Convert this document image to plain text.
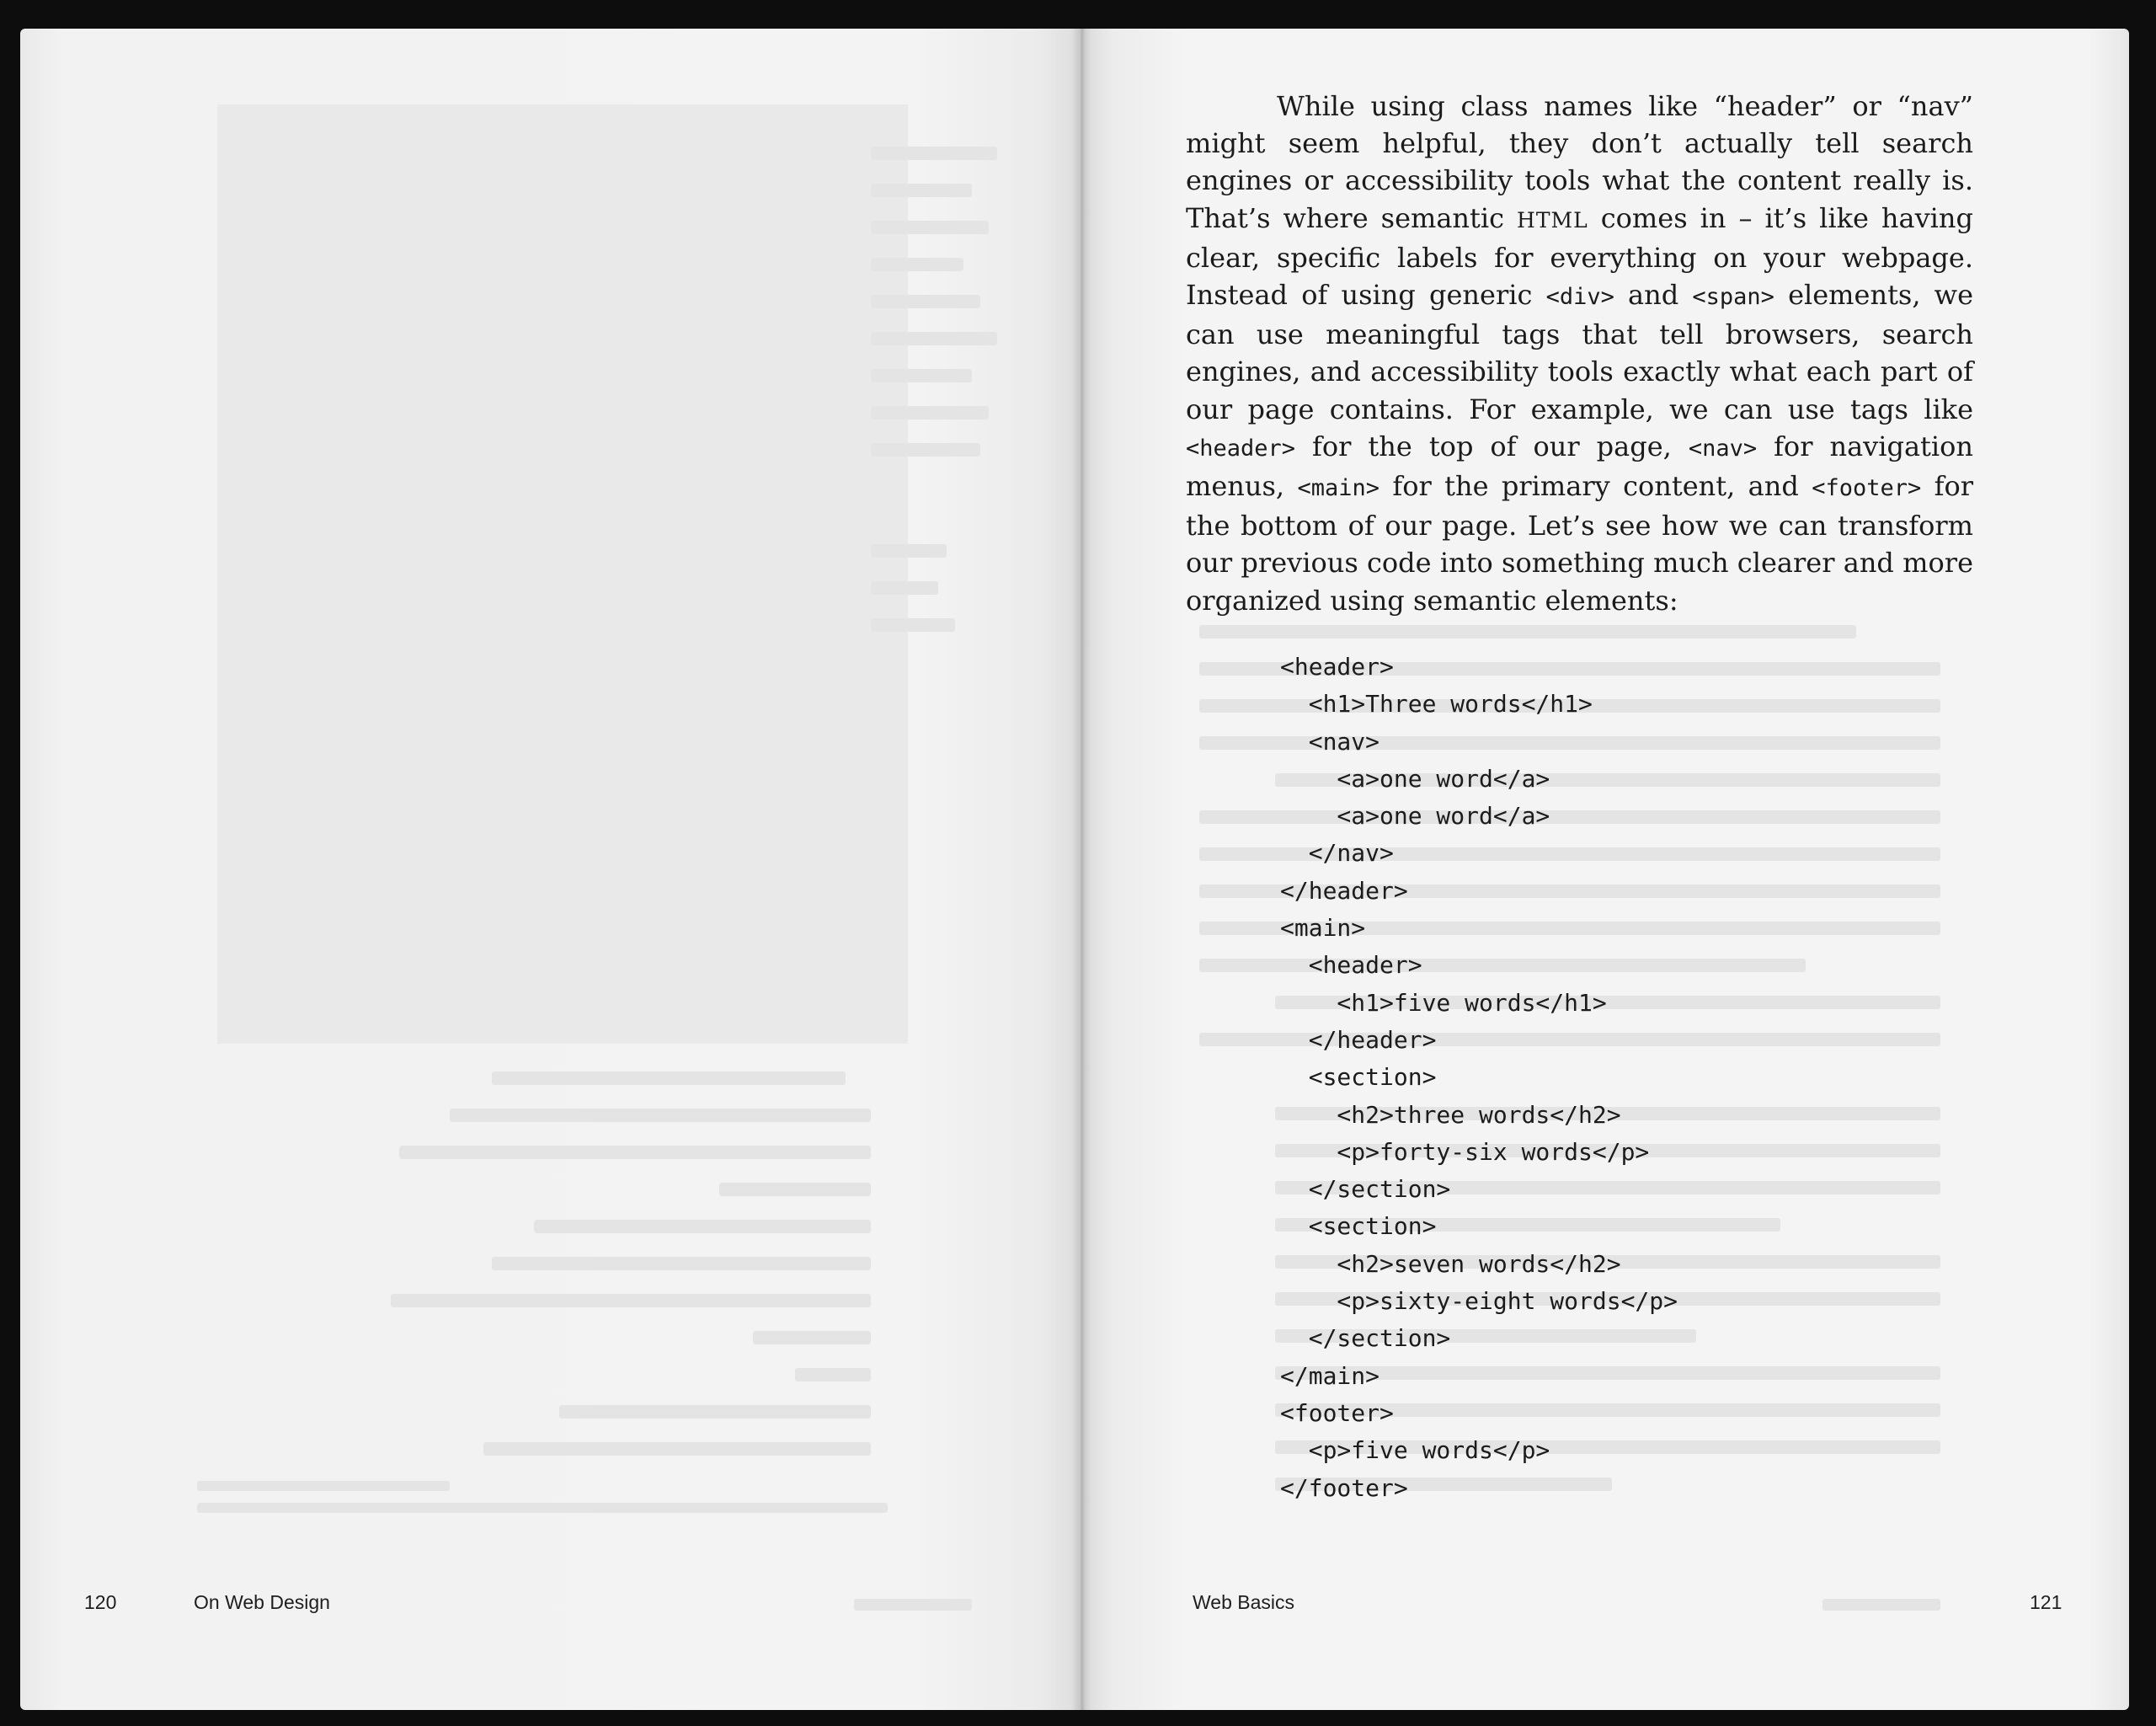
120	On Web Design	Web Basics	121

While using class names like “header” or “nav” might seem helpful, they don’t actually tell search engines or accessibility tools what the content really is. That’s where semantic HTML comes in – it’s like having clear, specific labels for everything on your webpage. Instead of using generic <div> and <span> elements, we can use meaningful tags that tell browsers, search engines, and accessibility tools exactly what each part of our page contains. For example, we can use tags like <header> for the top of our page, <nav> for navigation menus, <main> for the primary content, and <footer> for the bottom of our page. Let’s see how we can transform our previous code into something much clearer and more organized using semantic elements:

<header>
<h1>Three words</h1>
<nav>
<a>one word</a>
<a>one word</a>
</nav>
</header>
<main>
<header>
<h1>five words</h1>
</header>
<section>
<h2>three words</h2>
<p>forty-six words</p>
</section>
<section>
<h2>seven words</h2>
<p>sixty-eight words</p>
</section>
</main>
<footer>
<p>five words</p>
</footer>
